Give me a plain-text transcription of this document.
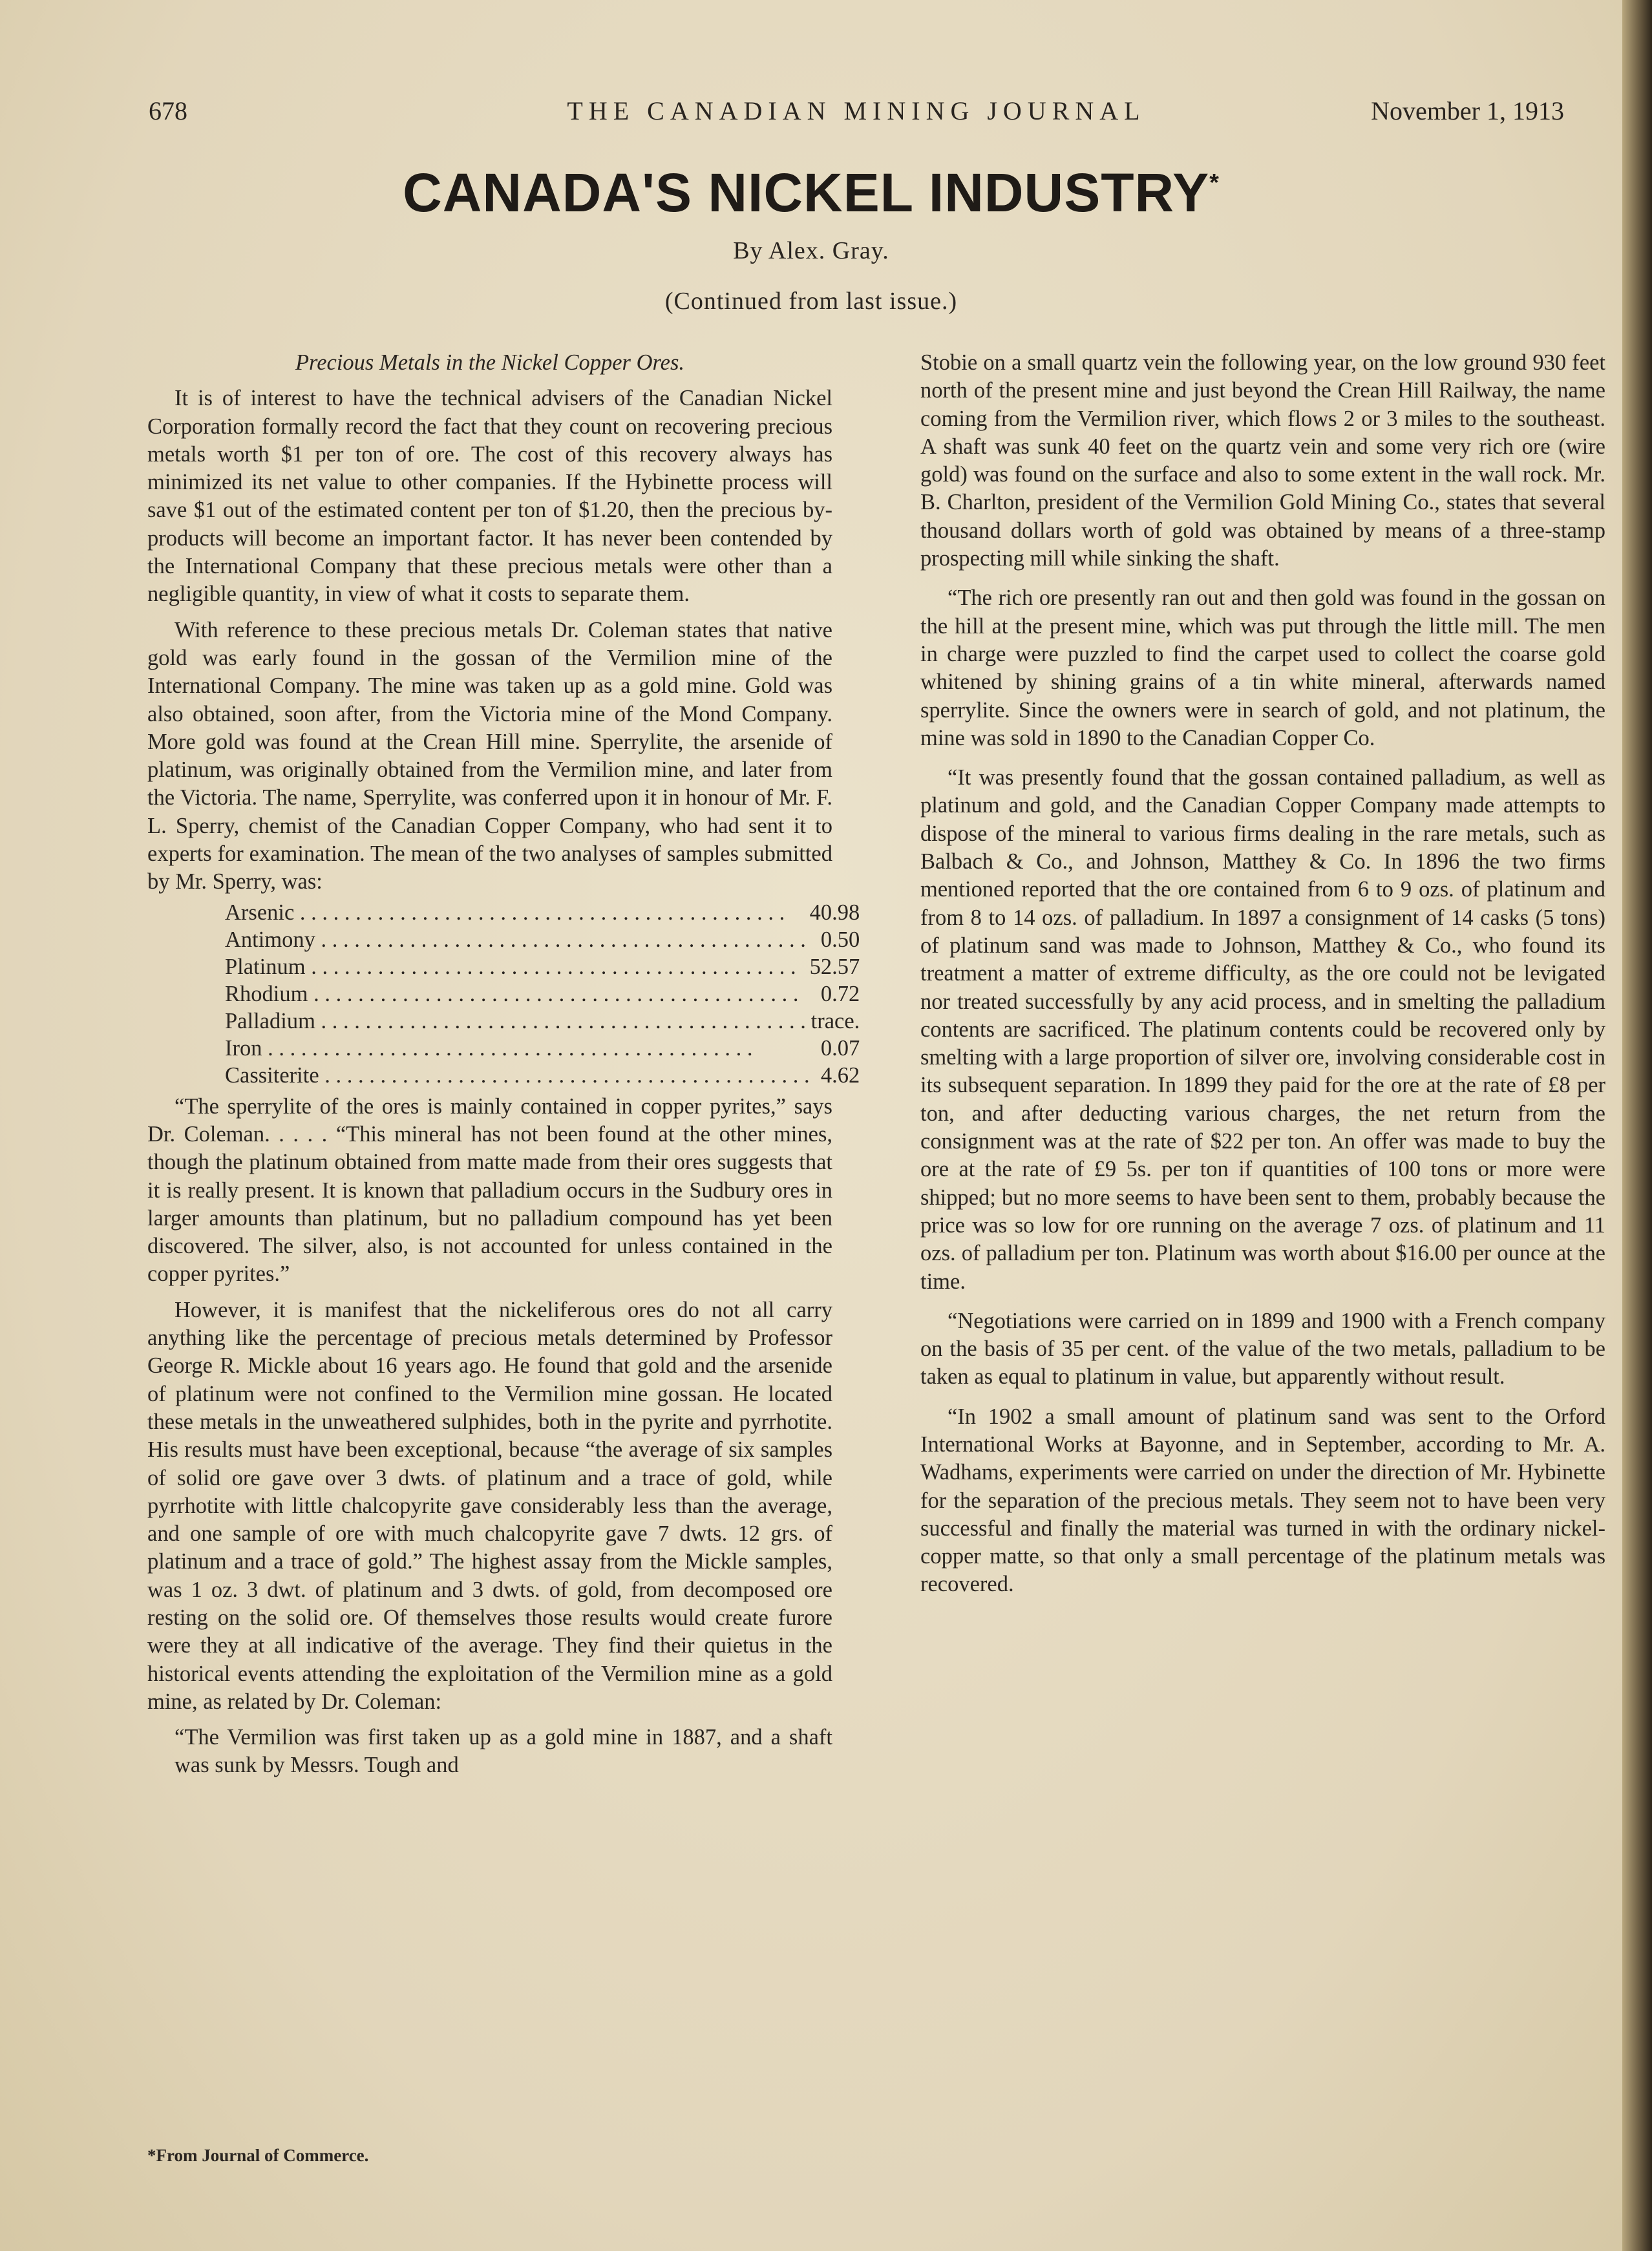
678	THE CANADIAN MINING JOURNAL	November 1, 1913
CANADA'S NICKEL INDUSTRY*
By Alex. Gray.
(Continued from last issue.)

Precious Metals in the Nickel Copper Ores.

It is of interest to have the technical advisers of the Canadian Nickel Corporation formally record the fact that they count on recovering precious metals worth $1 per ton of ore. The cost of this recovery always has minimized its net value to other companies. If the Hybinette process will save $1 out of the estimated content per ton of $1.20, then the precious by-products will become an important factor. It has never been contended by the International Company that these precious metals were other than a negligible quantity, in view of what it costs to separate them.

With reference to these precious metals Dr. Coleman states that native gold was early found in the gossan of the Vermilion mine of the International Company. The mine was taken up as a gold mine. Gold was also obtained, soon after, from the Victoria mine of the Mond Company. More gold was found at the Crean Hill mine. Sperrylite, the arsenide of platinum, was originally obtained from the Vermilion mine, and later from the Victoria. The name, Sperrylite, was conferred upon it in honour of Mr. F. L. Sperry, chemist of the Canadian Copper Company, who had sent it to experts for examination. The mean of the two analyses of samples submitted by Mr. Sperry, was:

Arsenic . . .	40.98
Antimony . . .	0.50
Platinum . . .	52.57
Rhodium . . .	0.72
Palladium . . .	trace.
Iron . . .	0.07
Cassiterite . . .	4.62

“The sperrylite of the ores is mainly contained in copper pyrites,” says Dr. Coleman. . . . . “This mineral has not been found at the other mines, though the platinum obtained from matte made from their ores suggests that it is really present. It is known that palladium occurs in the Sudbury ores in larger amounts than platinum, but no palladium compound has yet been discovered. The silver, also, is not accounted for unless contained in the copper pyrites.”

However, it is manifest that the nickeliferous ores do not all carry anything like the percentage of precious metals determined by Professor George R. Mickle about 16 years ago. He found that gold and the arsenide of platinum were not confined to the Vermilion mine gossan. He located these metals in the unweathered sulphides, both in the pyrite and pyrrhotite. His results must have been exceptional, because “the average of six samples of solid ore gave over 3 dwts. of platinum and a trace of gold, while pyrrhotite with little chalcopyrite gave considerably less than the average, and one sample of ore with much chalcopyrite gave 7 dwts. 12 grs. of platinum and a trace of gold.” The highest assay from the Mickle samples, was 1 oz. 3 dwt. of platinum and 3 dwts. of gold, from decomposed ore resting on the solid ore. Of themselves those results would create furore were they at all indicative of the average. They find their quietus in the historical events attending the exploitation of the Vermilion mine as a gold mine, as related by Dr. Coleman:

“The Vermilion was first taken up as a gold mine in 1887, and a shaft was sunk by Messrs. Tough and

Stobie on a small quartz vein the following year, on the low ground 930 feet north of the present mine and just beyond the Crean Hill Railway, the name coming from the Vermilion river, which flows 2 or 3 miles to the southeast. A shaft was sunk 40 feet on the quartz vein and some very rich ore (wire gold) was found on the surface and also to some extent in the wall rock. Mr. B. Charlton, president of the Vermilion Gold Mining Co., states that several thousand dollars worth of gold was obtained by means of a three-stamp prospecting mill while sinking the shaft.

“The rich ore presently ran out and then gold was found in the gossan on the hill at the present mine, which was put through the little mill. The men in charge were puzzled to find the carpet used to collect the coarse gold whitened by shining grains of a tin white mineral, afterwards named sperrylite. Since the owners were in search of gold, and not platinum, the mine was sold in 1890 to the Canadian Copper Co.

“It was presently found that the gossan contained palladium, as well as platinum and gold, and the Canadian Copper Company made attempts to dispose of the mineral to various firms dealing in the rare metals, such as Balbach & Co., and Johnson, Matthey & Co. In 1896 the two firms mentioned reported that the ore contained from 6 to 9 ozs. of platinum and from 8 to 14 ozs. of palladium. In 1897 a consignment of 14 casks (5 tons) of platinum sand was made to Johnson, Matthey & Co., who found its treatment a matter of extreme difficulty, as the ore could not be levigated nor treated successfully by any acid process, and in smelting the palladium contents are sacrificed. The platinum contents could be recovered only by smelting with a large proportion of silver ore, involving considerable cost in its subsequent separation. In 1899 they paid for the ore at the rate of £8 per ton, and after deducting various charges, the net return from the consignment was at the rate of $22 per ton. An offer was made to buy the ore at the rate of £9 5s. per ton if quantities of 100 tons or more were shipped; but no more seems to have been sent to them, probably because the price was so low for ore running on the average 7 ozs. of platinum and 11 ozs. of palladium per ton. Platinum was worth about $16.00 per ounce at the time.

“Negotiations were carried on in 1899 and 1900 with a French company on the basis of 35 per cent. of the value of the two metals, palladium to be taken as equal to platinum in value, but apparently without result.

“In 1902 a small amount of platinum sand was sent to the Orford International Works at Bayonne, and in September, according to Mr. A. Wadhams, experiments were carried on under the direction of Mr. Hybinette for the separation of the precious metals. They seem not to have been very successful and finally the material was turned in with the ordinary nickel-copper matte, so that only a small percentage of the platinum metals was recovered.

*From Journal of Commerce.
